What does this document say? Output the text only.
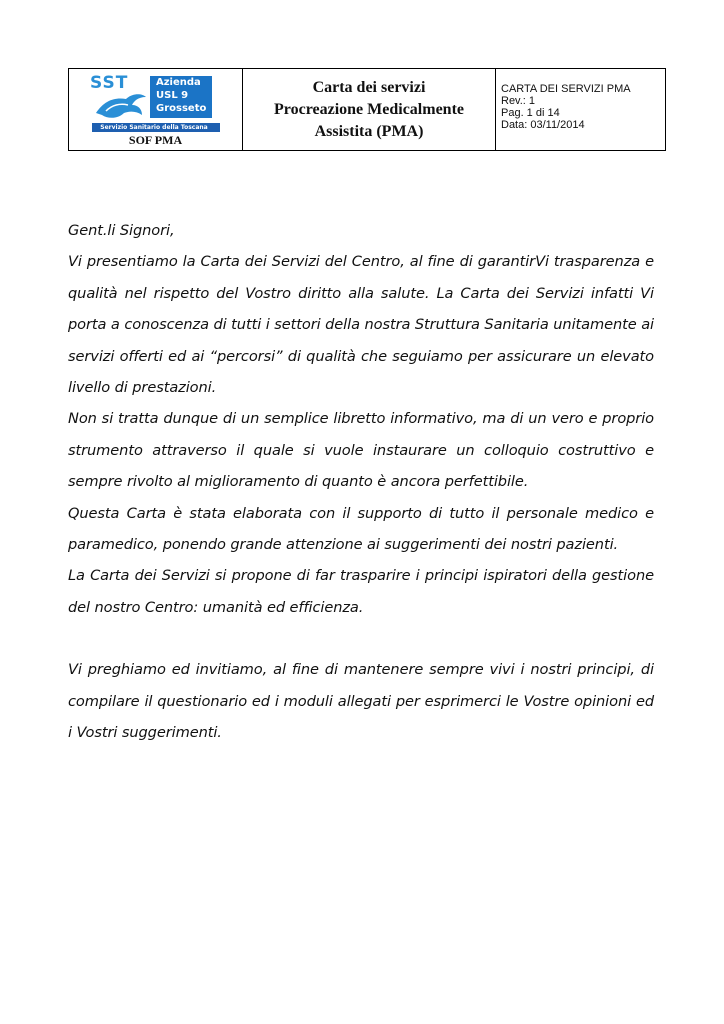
SST	Azienda
USL 9
Grosseto
Servizio Sanitario della Toscana
SOF PMA
Carta dei servizi
Procreazione Medicalmente
Assistita (PMA)
CARTA DEI SERVIZI PMA
Rev.: 1
Pag. 1 di 14
Data: 03/11/2014

Gent.li Signori,

Vi presentiamo la Carta dei Servizi del Centro, al fine di garantirVi trasparenza e qualità nel rispetto del Vostro diritto alla salute. La Carta dei Servizi infatti Vi porta a conoscenza di tutti i settori della nostra Struttura Sanitaria unitamente ai servizi offerti ed ai “percorsi” di qualità che seguiamo per assicurare un elevato livello di prestazioni.

Non si tratta dunque di un semplice libretto informativo, ma di un vero e proprio strumento attraverso il quale si vuole instaurare un colloquio costruttivo e sempre rivolto al miglioramento di quanto è ancora perfettibile.

Questa Carta è stata elaborata con il supporto di tutto il personale medico e paramedico, ponendo grande attenzione ai suggerimenti dei nostri pazienti.

La Carta dei Servizi si propone di far trasparire i principi ispiratori della gestione del nostro Centro: umanità ed efficienza.

Vi preghiamo ed invitiamo, al fine di mantenere sempre vivi i nostri principi, di compilare il questionario ed i moduli allegati per esprimerci le Vostre opinioni ed i Vostri suggerimenti.
